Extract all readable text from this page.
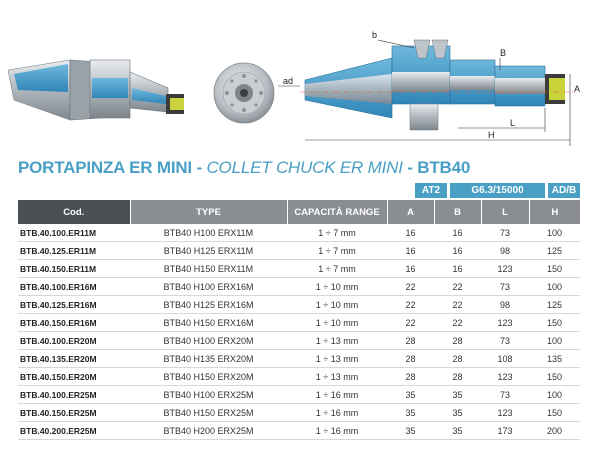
b
ad
B
A
L
H
PORTAPINZA ER MINI - COLLET CHUCK ER MINI - BTB40
AT2	G6.3/15000	AD/B
Cod.	TYPE	CAPACITÀ RANGE	A	B	L	H
BTB.40.100.ER11M	BTB40 H100 ERX11M	1 ÷ 7 mm	16	16	73	100
BTB.40.125.ER11M	BTB40 H125 ERX11M	1 ÷ 7 mm	16	16	98	125
BTB.40.150.ER11M	BTB40 H150 ERX11M	1 ÷ 7 mm	16	16	123	150
BTB.40.100.ER16M	BTB40 H100 ERX16M	1 ÷ 10 mm	22	22	73	100
BTB.40.125.ER16M	BTB40 H125 ERX16M	1 ÷ 10 mm	22	22	98	125
BTB.40.150.ER16M	BTB40 H150 ERX16M	1 ÷ 10 mm	22	22	123	150
BTB.40.100.ER20M	BTB40 H100 ERX20M	1 ÷ 13 mm	28	28	73	100
BTB.40.135.ER20M	BTB40 H135 ERX20M	1 ÷ 13 mm	28	28	108	135
BTB.40.150.ER20M	BTB40 H150 ERX20M	1 ÷ 13 mm	28	28	123	150
BTB.40.100.ER25M	BTB40 H100 ERX25M	1 ÷ 16 mm	35	35	73	100
BTB.40.150.ER25M	BTB40 H150 ERX25M	1 ÷ 16 mm	35	35	123	150
BTB.40.200.ER25M	BTB40 H200 ERX25M	1 ÷ 16 mm	35	35	173	200
